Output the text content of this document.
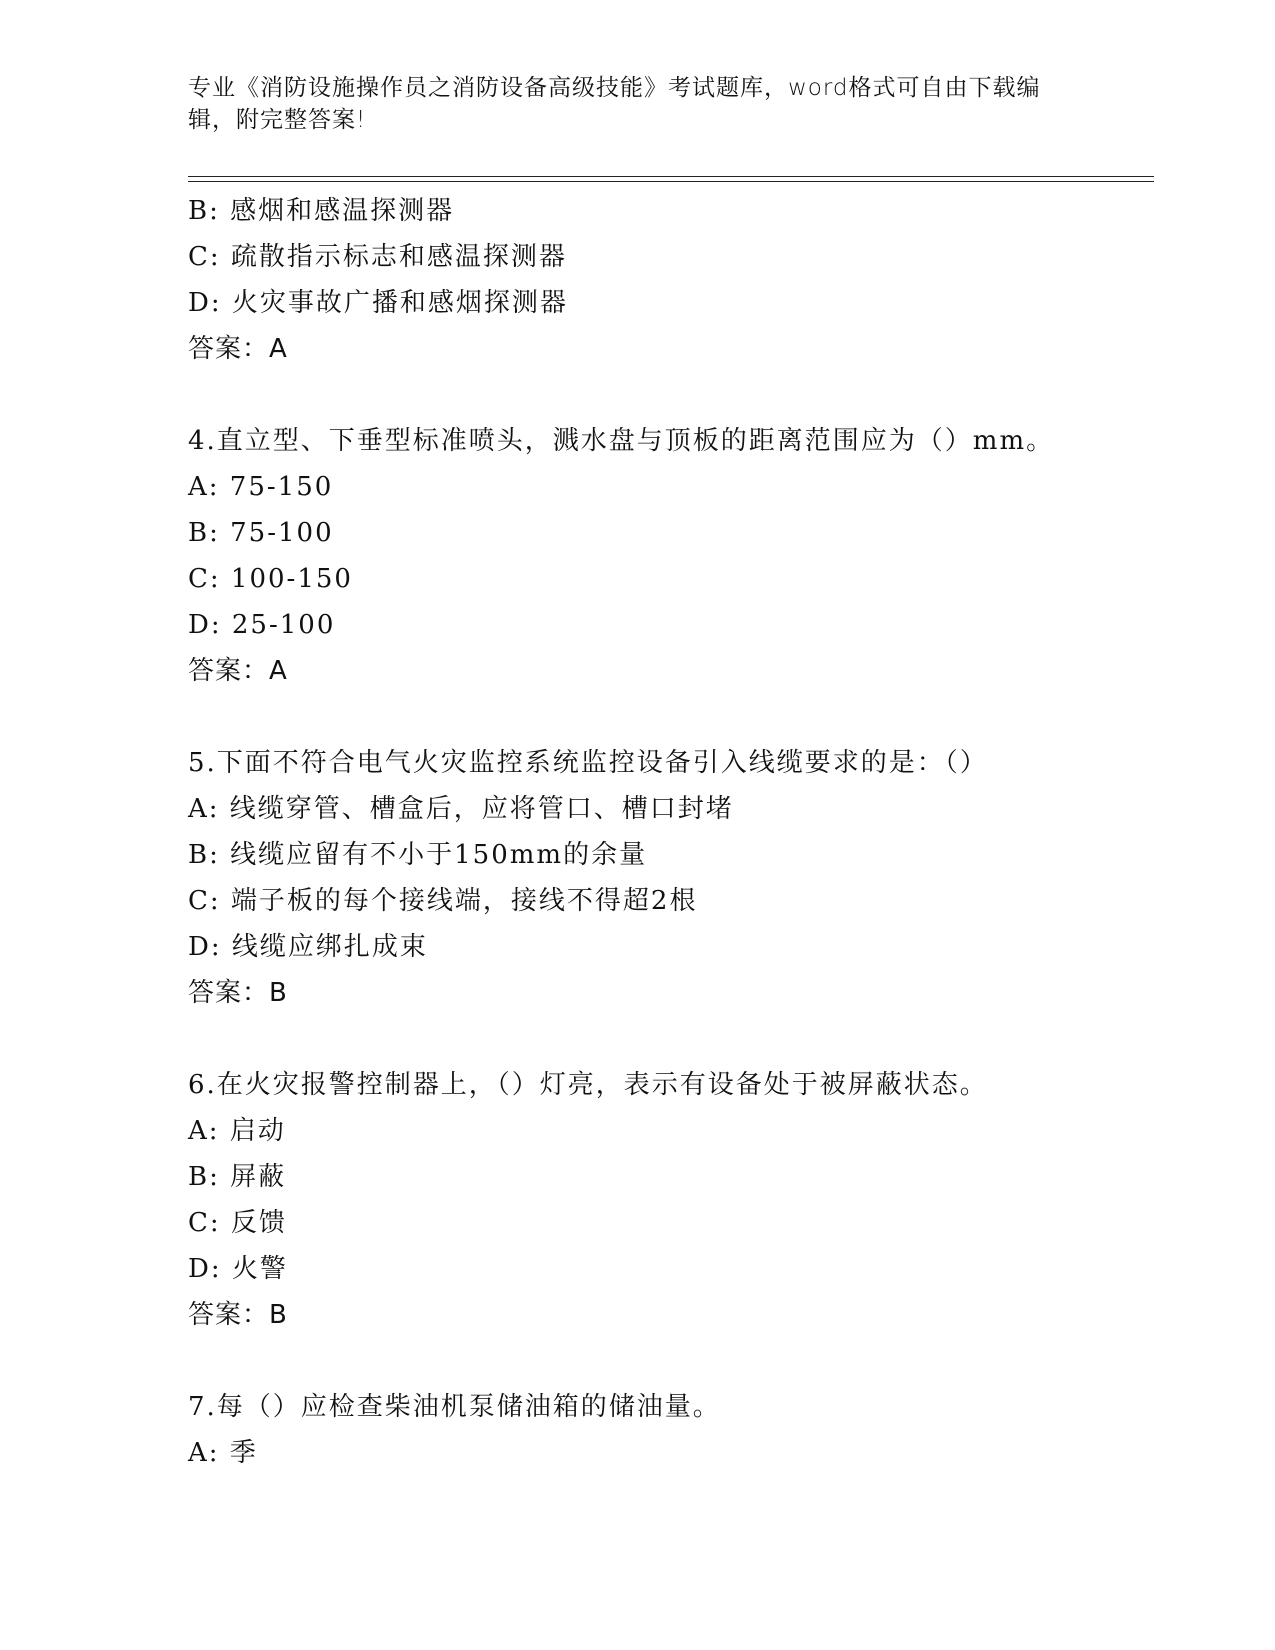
专业《消防设施操作员之消防设备高级技能》考试题库，word格式可自由下载编
辑，附完整答案!
B: 感烟和感温探测器
C: 疏散指示标志和感温探测器
D: 火灾事故广播和感烟探测器
答案：A
4.直立型、下垂型标准喷头，溅水盘与顶板的距离范围应为（）mm。
A: 75-150
B: 75-100
C: 100-150
D: 25-100
答案：A
5.下面不符合电气火灾监控系统监控设备引入线缆要求的是：（）
A: 线缆穿管、槽盒后，应将管口、槽口封堵
B: 线缆应留有不小于150mm的余量
C: 端子板的每个接线端，接线不得超2根
D: 线缆应绑扎成束
答案：B
6.在火灾报警控制器上，（）灯亮，表示有设备处于被屏蔽状态。
A: 启动
B: 屏蔽
C: 反馈
D: 火警
答案：B
7.每（）应检查柴油机泵储油箱的储油量。
A: 季
